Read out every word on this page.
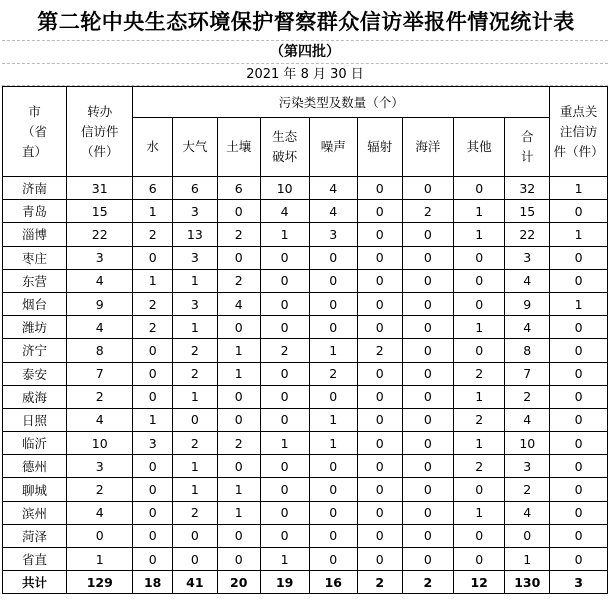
第二轮中央生态环境保护督察群众信访举报件情况统计表
（第四批）
2021 年 8 月 30 日
市
（省
直）	转办
信访件
（件）	污染类型及数量（个）									重点关
注信访
件（件）
		水	大气	土壤	生态
破坏	噪声	辐射	海洋	其他	合
计	
济南	31	6	6	6	10	4	0	0	0	32	1
青岛	15	1	3	0	4	4	0	2	1	15	0
淄博	22	2	13	2	1	3	0	0	1	22	1
枣庄	3	0	3	0	0	0	0	0	0	3	0
东营	4	1	1	2	0	0	0	0	0	4	0
烟台	9	2	3	4	0	0	0	0	0	9	1
潍坊	4	2	1	0	0	0	0	0	1	4	0
济宁	8	0	2	1	2	1	2	0	0	8	0
泰安	7	0	2	1	0	2	0	0	2	7	0
威海	2	0	1	0	0	0	0	0	1	2	0
日照	4	1	0	0	0	1	0	0	2	4	0
临沂	10	3	2	2	1	1	0	0	1	10	0
德州	3	0	1	0	0	0	0	0	2	3	0
聊城	2	0	1	1	0	0	0	0	0	2	0
滨州	4	0	2	1	0	0	0	0	1	4	0
菏泽	0	0	0	0	0	0	0	0	0	0	0
省直	1	0	0	0	1	0	0	0	0	1	0
共计	129	18	41	20	19	16	2	2	12	130	3
